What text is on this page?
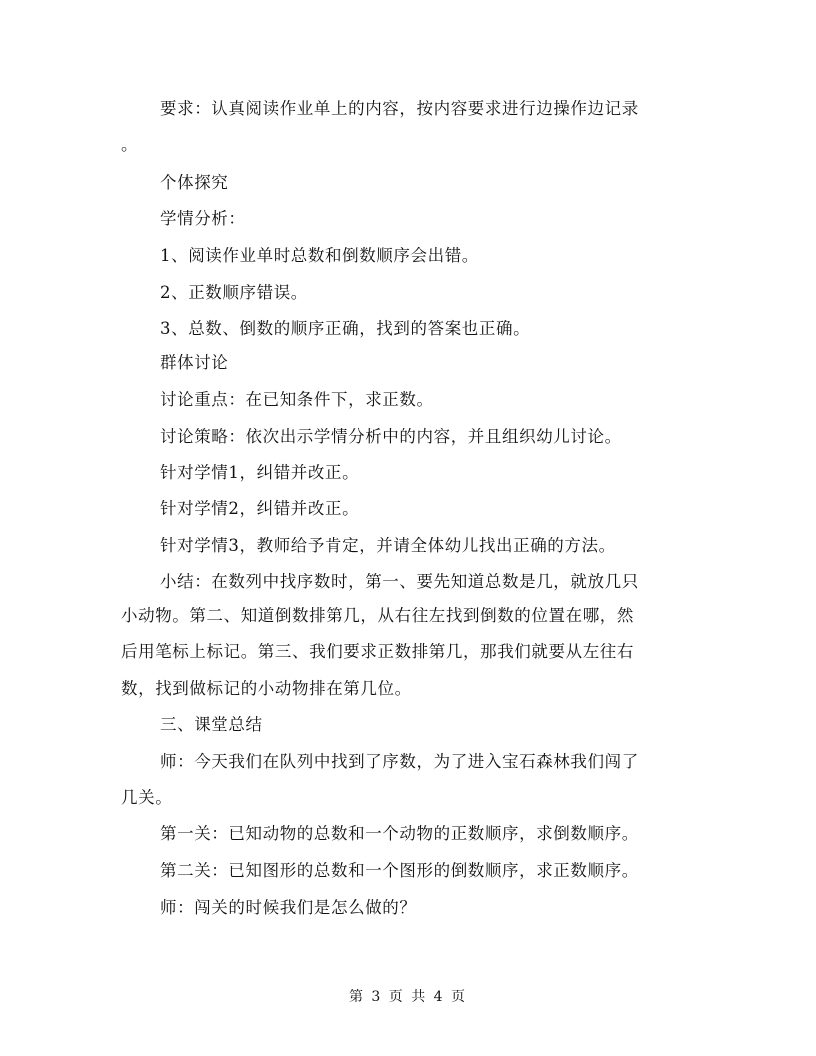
要求：认真阅读作业单上的内容，按内容要求进行边操作边记录
。
个体探究
学情分析：
1、阅读作业单时总数和倒数顺序会出错。
2、正数顺序错误。
3、总数、倒数的顺序正确，找到的答案也正确。
群体讨论
讨论重点：在已知条件下，求正数。
讨论策略：依次出示学情分析中的内容，并且组织幼儿讨论。
针对学情1，纠错并改正。
针对学情2，纠错并改正。
针对学情3，教师给予肯定，并请全体幼儿找出正确的方法。
小结：在数列中找序数时，第一、要先知道总数是几，就放几只
小动物。第二、知道倒数排第几，从右往左找到倒数的位置在哪，然
后用笔标上标记。第三、我们要求正数排第几，那我们就要从左往右
数，找到做标记的小动物排在第几位。
三、课堂总结
师：今天我们在队列中找到了序数，为了进入宝石森林我们闯了
几关。
第一关：已知动物的总数和一个动物的正数顺序，求倒数顺序。
第二关：已知图形的总数和一个图形的倒数顺序，求正数顺序。
师：闯关的时候我们是怎么做的？
第 3 页 共 4 页
